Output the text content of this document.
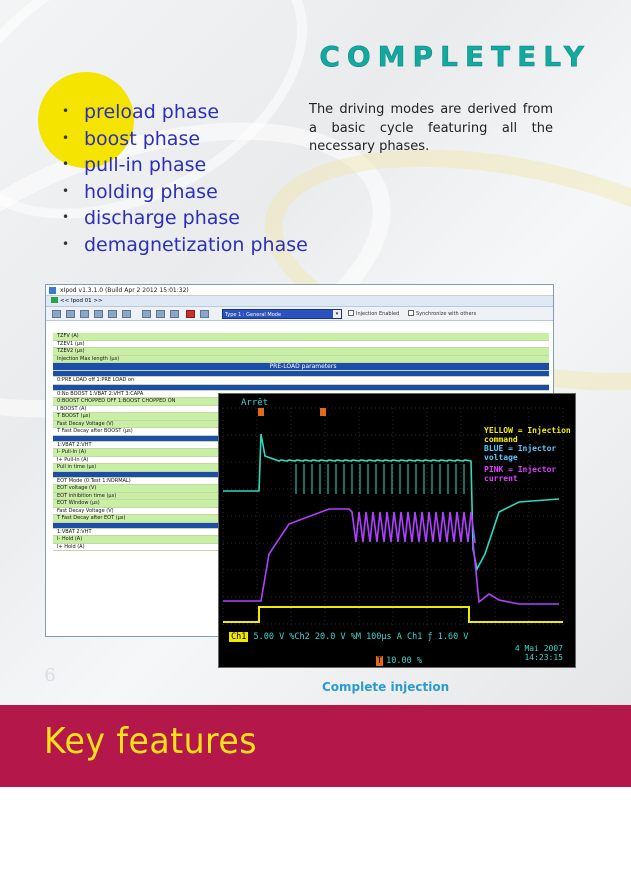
COMPLETELY
• preload phase
• boost phase
• pull-in phase
• holding phase
• discharge phase
• demagnetization phase

The driving modes are derived from a basic cycle featuring all the necessary phases.

xIpod v1.3.1.0 (Build Apr 2 2012 15:01:32)
<< Ipod 01 >>
Type 1 : General Mode	▾	Injection Enabled	Synchronize with others
TZFV (A)
TZEV1 (µs)
TZEV2 (µs)
Injection Max length (µs)
PRE-LOAD parameters
0:PRE LOAD off 1:PRE LOAD on
0:No BOOST 1:VBAT 2:VHT 3:CAPA
0:BOOST CHOPPED OFF 1:BOOST CHOPPED ON
I BOOST (A)
T BOOST (µs)
Fast Decay Voltage (V)
T Fast Decay after BOOST (µs)
1:VBAT 2:VHT
I- Pull-In (A)
I+ Pull-In (A)
Pull in time (µs)
EOT Mode (0:Test 1:NORMAL)
EOT voltage (V)
EOT inhibition time (µs)
EOT Window (µs)
Fast Decay Voltage (V)
T Fast Decay after EOT (µs)
1:VBAT 2:VHT
I- Hold (A)
I+ Hold (A)
Arrêt
YELLOW = Injection command
BLUE = Injector voltage
PINK = Injector current
Ch1 5.00 V %Ch2 20.0 V %M 100µs A Ch1 ƒ 1.60 V
4 Mai 2007
14:23:15
T 10.00 %
6
Complete injection
Key features
